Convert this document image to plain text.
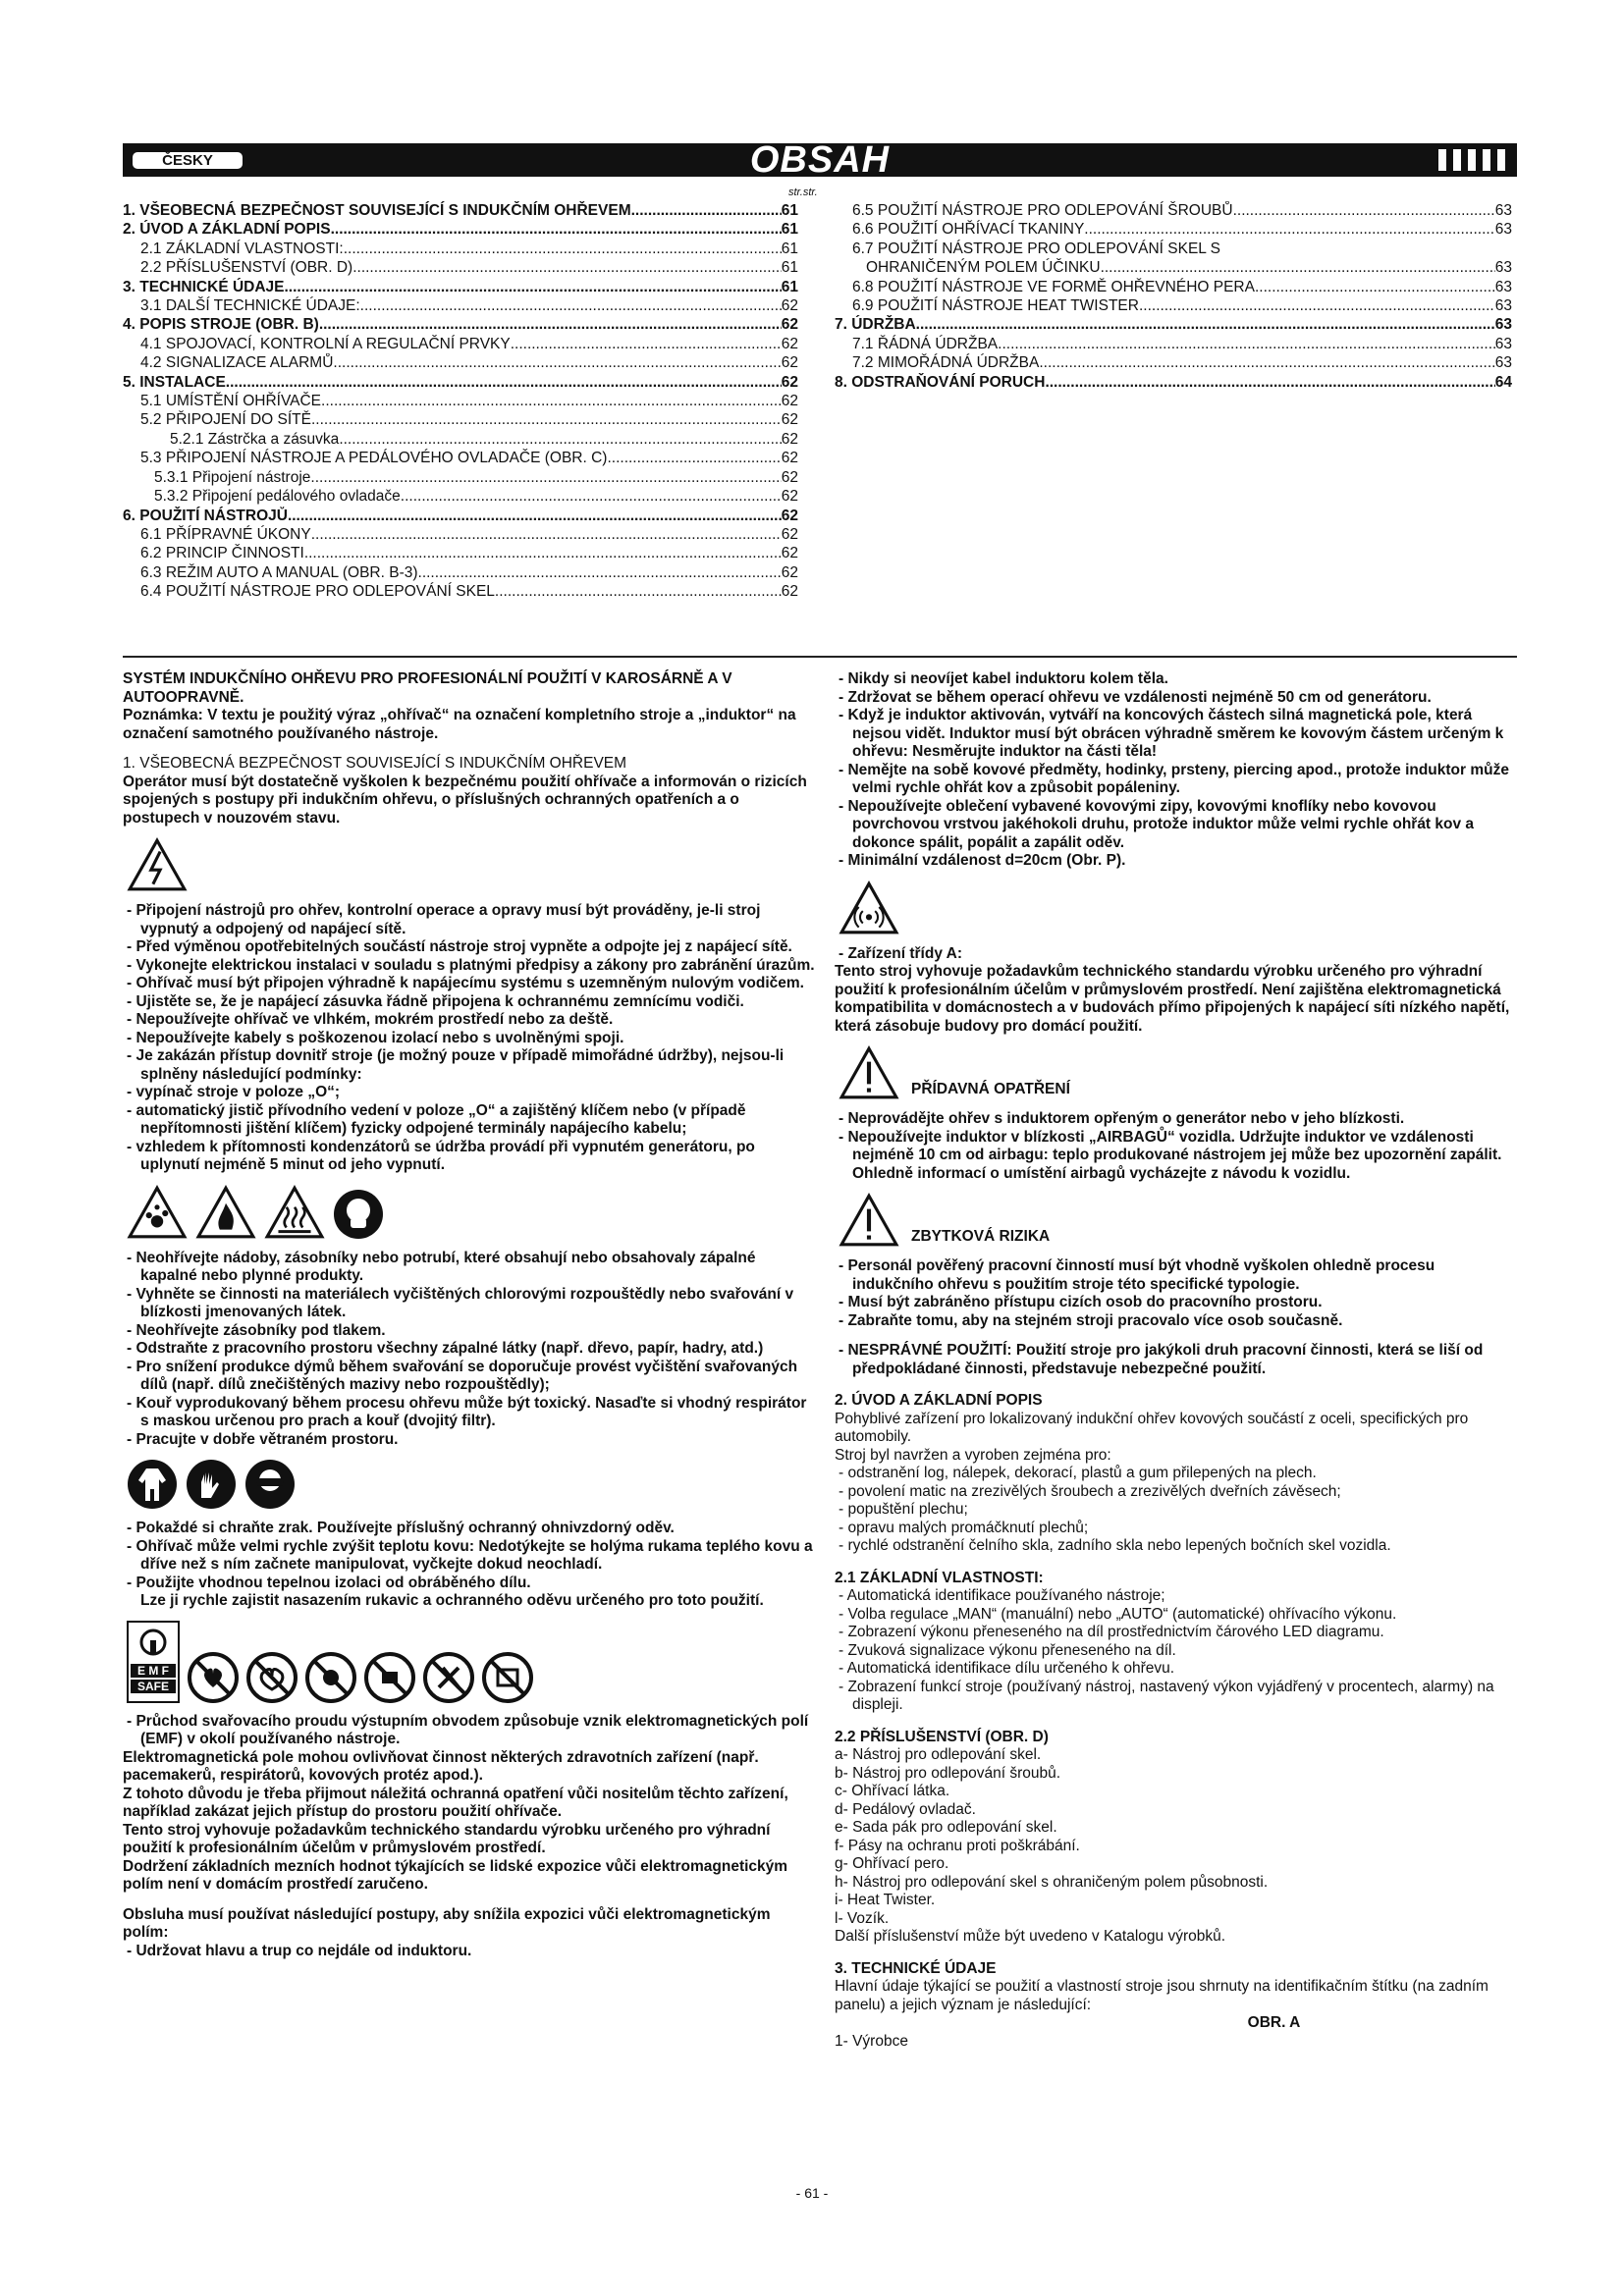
ČESKY	OBSAH
str.str.
1. VŠEOBECNÁ BEZPEČNOST SOUVISEJÍCÍ S INDUKČNÍM OHŘEVEM .....	61
2. ÚVOD A ZÁKLADNÍ POPIS .....	61
2.1 ZÁKLADNÍ VLASTNOSTI: .....	61
2.2 PŘÍSLUŠENSTVÍ (OBR. D) .....	61
3. TECHNICKÉ ÚDAJE .....	61
3.1 DALŠÍ TECHNICKÉ ÚDAJE: .....	62
4. POPIS STROJE (OBR. B) .....	62
4.1 SPOJOVACÍ, KONTROLNÍ A REGULAČNÍ PRVKY .....	62
4.2 SIGNALIZACE ALARMŮ .....	62
5. INSTALACE .....	62
5.1 UMÍSTĚNÍ OHŘÍVAČE .....	62
5.2 PŘIPOJENÍ DO SÍTĚ .....	62
5.2.1 Zástrčka a zásuvka .....	62
5.3 PŘIPOJENÍ NÁSTROJE A PEDÁLOVÉHO OVLADAČE (OBR. C) .....	62
5.3.1 Připojení nástroje .....	62
5.3.2 Připojení pedálového ovladače .....	62
6. POUŽITÍ NÁSTROJŮ .....	62
6.1 PŘÍPRAVNÉ ÚKONY .....	62
6.2 PRINCIP ČINNOSTI .....	62
6.3 REŽIM AUTO A MANUAL (OBR. B-3) .....	62
6.4 POUŽITÍ NÁSTROJE PRO ODLEPOVÁNÍ SKEL .....	62
6.5 POUŽITÍ NÁSTROJE PRO ODLEPOVÁNÍ ŠROUBŮ .....	63
6.6 POUŽITÍ OHŘÍVACÍ TKANINY .....	63
6.7 POUŽITÍ NÁSTROJE PRO ODLEPOVÁNÍ SKEL S
OHRANIČENÝM POLEM ÚČINKU .....	63
6.8 POUŽITÍ NÁSTROJE VE FORMĚ OHŘEVNÉHO PERA .....	63
6.9 POUŽITÍ NÁSTROJE HEAT TWISTER .....	63
7. ÚDRŽBA .....	63
7.1 ŘÁDNÁ ÚDRŽBA .....	63
7.2 MIMOŘÁDNÁ ÚDRŽBA .....	63
8. ODSTRAŇOVÁNÍ PORUCH .....	64

SYSTÉM INDUKČNÍHO OHŘEVU PRO PROFESIONÁLNÍ POUŽITÍ V KAROSÁRNĚ A V AUTOOPRAVNĚ.

Poznámka: V textu je použitý výraz „ohřívač“ na označení kompletního stroje a „induktor“ na označení samotného používaného nástroje.

1. VŠEOBECNÁ BEZPEČNOST SOUVISEJÍCÍ S INDUKČNÍM OHŘEVEM

Operátor musí být dostatečně vyškolen k bezpečnému použití ohřívače a informován o rizicích spojených s postupy při indukčním ohřevu, o příslušných ochranných opatřeních a o postupech v nouzovém stavu.

- Připojení nástrojů pro ohřev, kontrolní operace a opravy musí být prováděny, je-li stroj vypnutý a odpojený od napájecí sítě.

- Před výměnou opotřebitelných součástí nástroje stroj vypněte a odpojte jej z napájecí sítě.

- Vykonejte elektrickou instalaci v souladu s platnými předpisy a zákony pro zabránění úrazům.

- Ohřívač musí být připojen výhradně k napájecímu systému s uzemněným nulovým vodičem.

- Ujistěte se, že je napájecí zásuvka řádně připojena k ochrannému zemnícímu vodiči.

- Nepoužívejte ohřívač ve vlhkém, mokrém prostředí nebo za deště.

- Nepoužívejte kabely s poškozenou izolací nebo s uvolněnými spoji.

- Je zakázán přístup dovnitř stroje (je možný pouze v případě mimořádné údržby), nejsou-li splněny následující podmínky:

- vypínač stroje v poloze „O“;

- automatický jistič přívodního vedení v poloze „O“ a zajištěný klíčem nebo (v případě nepřítomnosti jištění klíčem) fyzicky odpojené terminály napájecího kabelu;

- vzhledem k přítomnosti kondenzátorů se údržba provádí při vypnutém generátoru, po uplynutí nejméně 5 minut od jeho vypnutí.

- Neohřívejte nádoby, zásobníky nebo potrubí, které obsahují nebo obsahovaly zápalné kapalné nebo plynné produkty.

- Vyhněte se činnosti na materiálech vyčištěných chlorovými rozpouštědly nebo svařování v blízkosti jmenovaných látek.

- Neohřívejte zásobníky pod tlakem.

- Odstraňte z pracovního prostoru všechny zápalné látky (např. dřevo, papír, hadry, atd.)

- Pro snížení produkce dýmů během svařování se doporučuje provést vyčištění svařovaných dílů (např. dílů znečištěných mazivy nebo rozpouštědly);

- Kouř vyprodukovaný během procesu ohřevu může být toxický. Nasaďte si vhodný respirátor s maskou určenou pro prach a kouř (dvojitý filtr).

- Pracujte v dobře větraném prostoru.

- Pokaždé si chraňte zrak. Používejte příslušný ochranný ohnivzdorný oděv.

- Ohřívač může velmi rychle zvýšit teplotu kovu: Nedotýkejte se holýma rukama teplého kovu a dříve než s ním začnete manipulovat, vyčkejte dokud neochladí.

- Použijte vhodnou tepelnou izolaci od obráběného dílu.

Lze ji rychle zajistit nasazením rukavic a ochranného oděvu určeného pro toto použití.

E M F
SAFE

- Průchod svařovacího proudu výstupním obvodem způsobuje vznik elektromagnetických polí (EMF) v okolí používaného nástroje.

Elektromagnetická pole mohou ovlivňovat činnost některých zdravotních zařízení (např. pacemakerů, respirátorů, kovových protéz apod.).

Z tohoto důvodu je třeba přijmout náležitá ochranná opatření vůči nositelům těchto zařízení, například zakázat jejich přístup do prostoru použití ohřívače.

Tento stroj vyhovuje požadavkům technického standardu výrobku určeného pro výhradní použití k profesionálním účelům v průmyslovém prostředí.

Dodržení základních mezních hodnot týkajících se lidské expozice vůči elektromagnetickým polím není v domácím prostředí zaručeno.

Obsluha musí používat následující postupy, aby snížila expozici vůči elektromagnetickým polím:

- Udržovat hlavu a trup co nejdále od induktoru.

- Nikdy si neovíjet kabel induktoru kolem těla.

- Zdržovat se během operací ohřevu ve vzdálenosti nejméně 50 cm od generátoru.

- Když je induktor aktivován, vytváří na koncových částech silná magnetická pole, která nejsou vidět. Induktor musí být obrácen výhradně směrem ke kovovým částem určeným k ohřevu: Nesměrujte induktor na části těla!

- Nemějte na sobě kovové předměty, hodinky, prsteny, piercing apod., protože induktor může velmi rychle ohřát kov a způsobit popáleniny.

- Nepoužívejte oblečení vybavené kovovými zipy, kovovými knoflíky nebo kovovou povrchovou vrstvou jakéhokoli druhu, protože induktor může velmi rychle ohřát kov a dokonce spálit, popálit a zapálit oděv.

- Minimální vzdálenost d=20cm (Obr. P).

- Zařízení třídy A:

Tento stroj vyhovuje požadavkům technického standardu výrobku určeného pro výhradní použití k profesionálním účelům v průmyslovém prostředí. Není zajištěna elektromagnetická kompatibilita v domácnostech a v budovách přímo připojených k napájecí síti nízkého napětí, která zásobuje budovy pro domácí použití.

PŘÍDAVNÁ OPATŘENÍ

- Neprovádějte ohřev s induktorem opřeným o generátor nebo v jeho blízkosti.

- Nepoužívejte induktor v blízkosti „AIRBAGŮ“ vozidla. Udržujte induktor ve vzdálenosti nejméně 10 cm od airbagu: teplo produkované nástrojem jej může bez upozornění zapálit. Ohledně informací o umístění airbagů vycházejte z návodu k vozidlu.

ZBYTKOVÁ RIZIKA

- Personál pověřený pracovní činností musí být vhodně vyškolen ohledně procesu indukčního ohřevu s použitím stroje této specifické typologie.

- Musí být zabráněno přístupu cizích osob do pracovního prostoru.

- Zabraňte tomu, aby na stejném stroji pracovalo více osob současně.

- NESPRÁVNÉ POUŽITÍ: Použití stroje pro jakýkoli druh pracovní činnosti, která se liší od předpokládané činnosti, představuje nebezpečné použití.

2. ÚVOD A ZÁKLADNÍ POPIS

Pohyblivé zařízení pro lokalizovaný indukční ohřev kovových součástí z oceli, specifických pro automobily.

Stroj byl navržen a vyroben zejména pro:

- odstranění log, nálepek, dekorací, plastů a gum přilepených na plech.

- povolení matic na zrezivělých šroubech a zrezivělých dveřních závěsech;

- popuštění plechu;

- opravu malých promáčknutí plechů;

- rychlé odstranění čelního skla, zadního skla nebo lepených bočních skel vozidla.

2.1 ZÁKLADNÍ VLASTNOSTI:

- Automatická identifikace používaného nástroje;

- Volba regulace „MAN“ (manuální) nebo „AUTO“ (automatické) ohřívacího výkonu.

- Zobrazení výkonu přeneseného na díl prostřednictvím čárového LED diagramu.

- Zvuková signalizace výkonu přeneseného na díl.

- Automatická identifikace dílu určeného k ohřevu.

- Zobrazení funkcí stroje (používaný nástroj, nastavený výkon vyjádřený v procentech, alarmy) na displeji.

2.2 PŘÍSLUŠENSTVÍ (OBR. D)

a- Nástroj pro odlepování skel.

b- Nástroj pro odlepování šroubů.

c- Ohřívací látka.

d- Pedálový ovladač.

e- Sada pák pro odlepování skel.

f- Pásy na ochranu proti poškrábání.

g- Ohřívací pero.

h- Nástroj pro odlepování skel s ohraničeným polem působnosti.

i- Heat Twister.

l- Vozík.

Další příslušenství může být uvedeno v Katalogu výrobků.

3. TECHNICKÉ ÚDAJE

Hlavní údaje týkající se použití a vlastností stroje jsou shrnuty na identifikačním štítku (na zadním panelu) a jejich význam je následující:

OBR. A

1- Výrobce

- 61 -
